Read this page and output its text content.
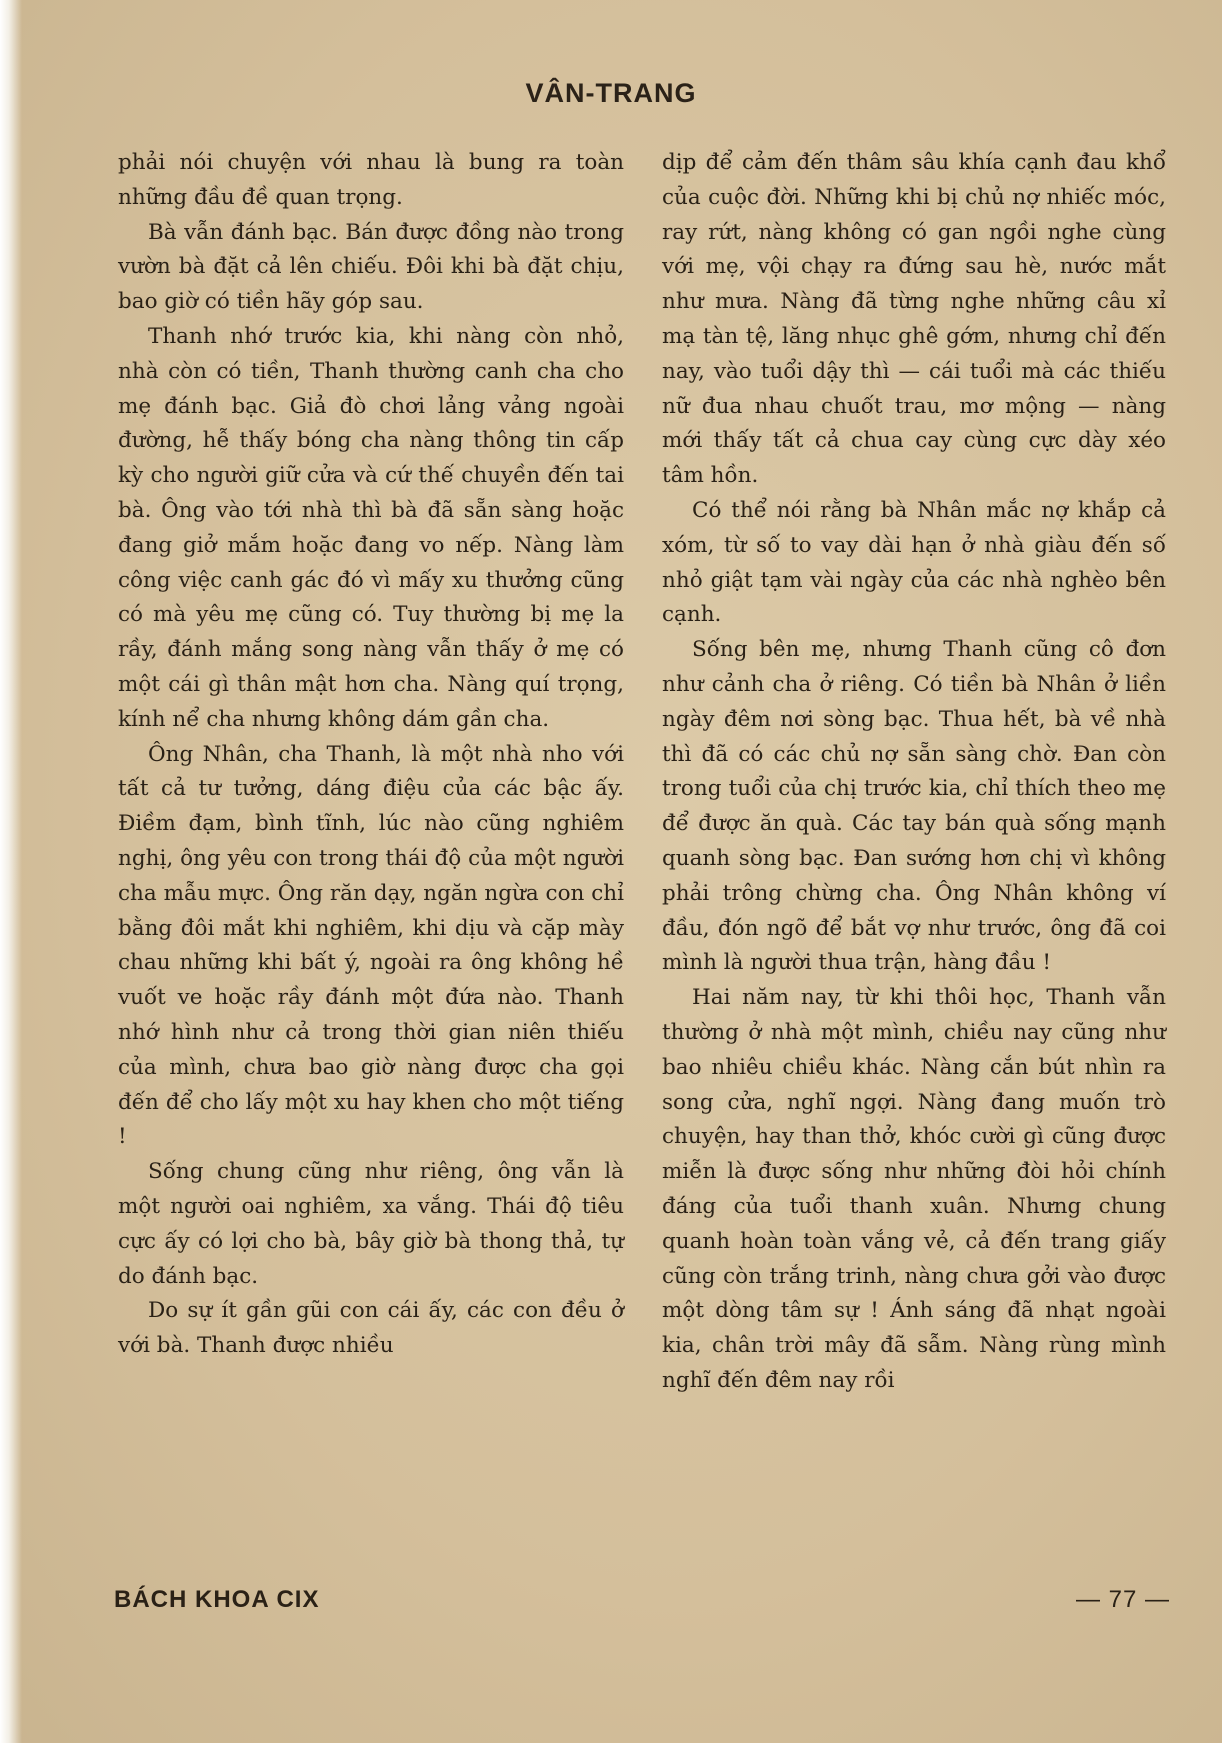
VÂN-TRANG

phải nói chuyện với nhau là bung ra toàn những đầu đề quan trọng.

Bà vẫn đánh bạc. Bán được đồng nào trong vườn bà đặt cả lên chiếu. Đôi khi bà đặt chịu, bao giờ có tiền hãy góp sau.

Thanh nhớ trước kia, khi nàng còn nhỏ, nhà còn có tiền, Thanh thường canh cha cho mẹ đánh bạc. Giả đò chơi lảng vảng ngoài đường, hễ thấy bóng cha nàng thông tin cấp kỳ cho người giữ cửa và cứ thế chuyền đến tai bà. Ông vào tới nhà thì bà đã sẵn sàng hoặc đang giở mắm hoặc đang vo nếp. Nàng làm công việc canh gác đó vì mấy xu thưởng cũng có mà yêu mẹ cũng có. Tuy thường bị mẹ la rầy, đánh mắng song nàng vẫn thấy ở mẹ có một cái gì thân mật hơn cha. Nàng quí trọng, kính nể cha nhưng không dám gần cha.

Ông Nhân, cha Thanh, là một nhà nho với tất cả tư tưởng, dáng điệu của các bậc ấy. Điềm đạm, bình tĩnh, lúc nào cũng nghiêm nghị, ông yêu con trong thái độ của một người cha mẫu mực. Ông răn dạy, ngăn ngừa con chỉ bằng đôi mắt khi nghiêm, khi dịu và cặp mày chau những khi bất ý, ngoài ra ông không hề vuốt ve hoặc rầy đánh một đứa nào. Thanh nhớ hình như cả trong thời gian niên thiếu của mình, chưa bao giờ nàng được cha gọi đến để cho lấy một xu hay khen cho một tiếng !

Sống chung cũng như riêng, ông vẫn là một người oai nghiêm, xa vắng. Thái độ tiêu cực ấy có lợi cho bà, bây giờ bà thong thả, tự do đánh bạc.

Do sự ít gần gũi con cái ấy, các con đều ở với bà. Thanh được nhiều

dịp để cảm đến thâm sâu khía cạnh đau khổ của cuộc đời. Những khi bị chủ nợ nhiếc móc, ray rứt, nàng không có gan ngồi nghe cùng với mẹ, vội chạy ra đứng sau hè, nước mắt như mưa. Nàng đã từng nghe những câu xỉ mạ tàn tệ, lăng nhục ghê gớm, nhưng chỉ đến nay, vào tuổi dậy thì — cái tuổi mà các thiếu nữ đua nhau chuốt trau, mơ mộng — nàng mới thấy tất cả chua cay cùng cực dày xéo tâm hồn.

Có thể nói rằng bà Nhân mắc nợ khắp cả xóm, từ số to vay dài hạn ở nhà giàu đến số nhỏ giật tạm vài ngày của các nhà nghèo bên cạnh.

Sống bên mẹ, nhưng Thanh cũng cô đơn như cảnh cha ở riêng. Có tiền bà Nhân ở liền ngày đêm nơi sòng bạc. Thua hết, bà về nhà thì đã có các chủ nợ sẵn sàng chờ. Đan còn trong tuổi của chị trước kia, chỉ thích theo mẹ để được ăn quà. Các tay bán quà sống mạnh quanh sòng bạc. Đan sướng hơn chị vì không phải trông chừng cha. Ông Nhân không ví đầu, đón ngõ để bắt vợ như trước, ông đã coi mình là người thua trận, hàng đầu !

Hai năm nay, từ khi thôi học, Thanh vẫn thường ở nhà một mình, chiều nay cũng như bao nhiêu chiều khác. Nàng cắn bút nhìn ra song cửa, nghĩ ngợi. Nàng đang muốn trò chuyện, hay than thở, khóc cười gì cũng được miễn là được sống như những đòi hỏi chính đáng của tuổi thanh xuân. Nhưng chung quanh hoàn toàn vắng vẻ, cả đến trang giấy cũng còn trắng trinh, nàng chưa gởi vào được một dòng tâm sự ! Ánh sáng đã nhạt ngoài kia, chân trời mây đã sẫm. Nàng rùng mình nghĩ đến đêm nay rồi

BÁCH KHOA CIX	— 77 —
